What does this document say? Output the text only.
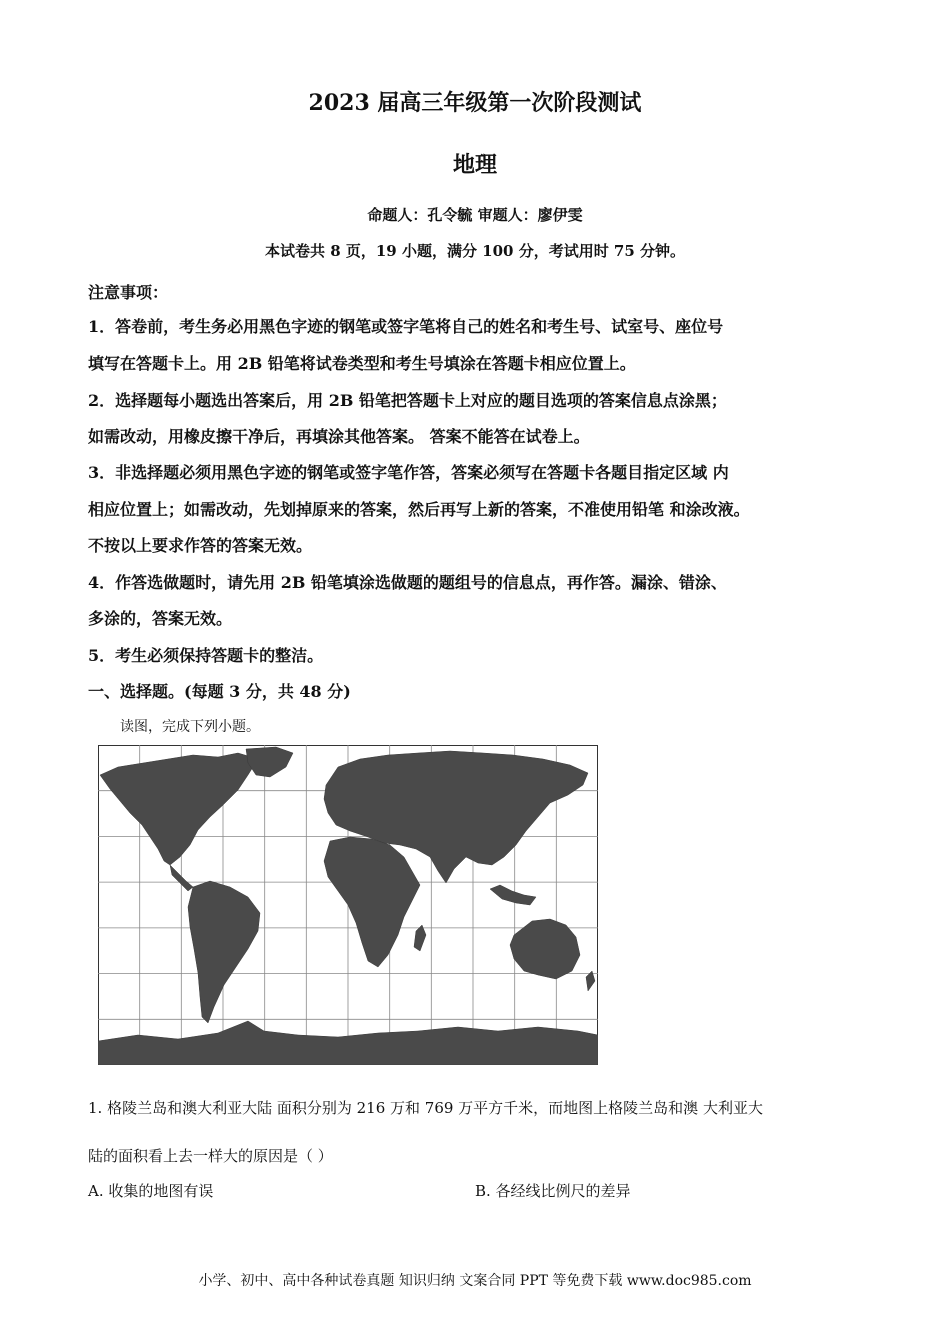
2023 届高三年级第一次阶段测试
地理
命题人：孔令毓 审题人：廖伊雯
本试卷共 8 页，19 小题，满分 100 分，考试用时 75 分钟。
注意事项：
1．答卷前，考生务必用黑色字迹的钢笔或签字笔将自己的姓名和考生号、试室号、座位号
填写在答题卡上。用 2B 铅笔将试卷类型和考生号填涂在答题卡相应位置上。
2．选择题每小题选出答案后，用 2B 铅笔把答题卡上对应的题目选项的答案信息点涂黑；
如需改动，用橡皮擦干净后，再填涂其他答案。 答案不能答在试卷上。
3．非选择题必须用黑色字迹的钢笔或签字笔作答，答案必须写在答题卡各题目指定区域 内
相应位置上；如需改动，先划掉原来的答案，然后再写上新的答案，不准使用铅笔 和涂改液。
不按以上要求作答的答案无效。
4．作答选做题时，请先用 2B 铅笔填涂选做题的题组号的信息点，再作答。漏涂、错涂、
多涂的，答案无效。
5．考生必须保持答题卡的整洁。
一、选择题。(每题 3 分，共 48 分)
读图，完成下列小题。
1. 格陵兰岛和澳大利亚大陆 面积分别为 216 万和 769 万平方千米，而地图上格陵兰岛和澳 大利亚大
陆的面积看上去一样大的原因是（ ）
A. 收集的地图有误	B. 各经线比例尺的差异
小学、初中、高中各种试卷真题 知识归纳 文案合同 PPT 等免费下载 www.doc985.com
